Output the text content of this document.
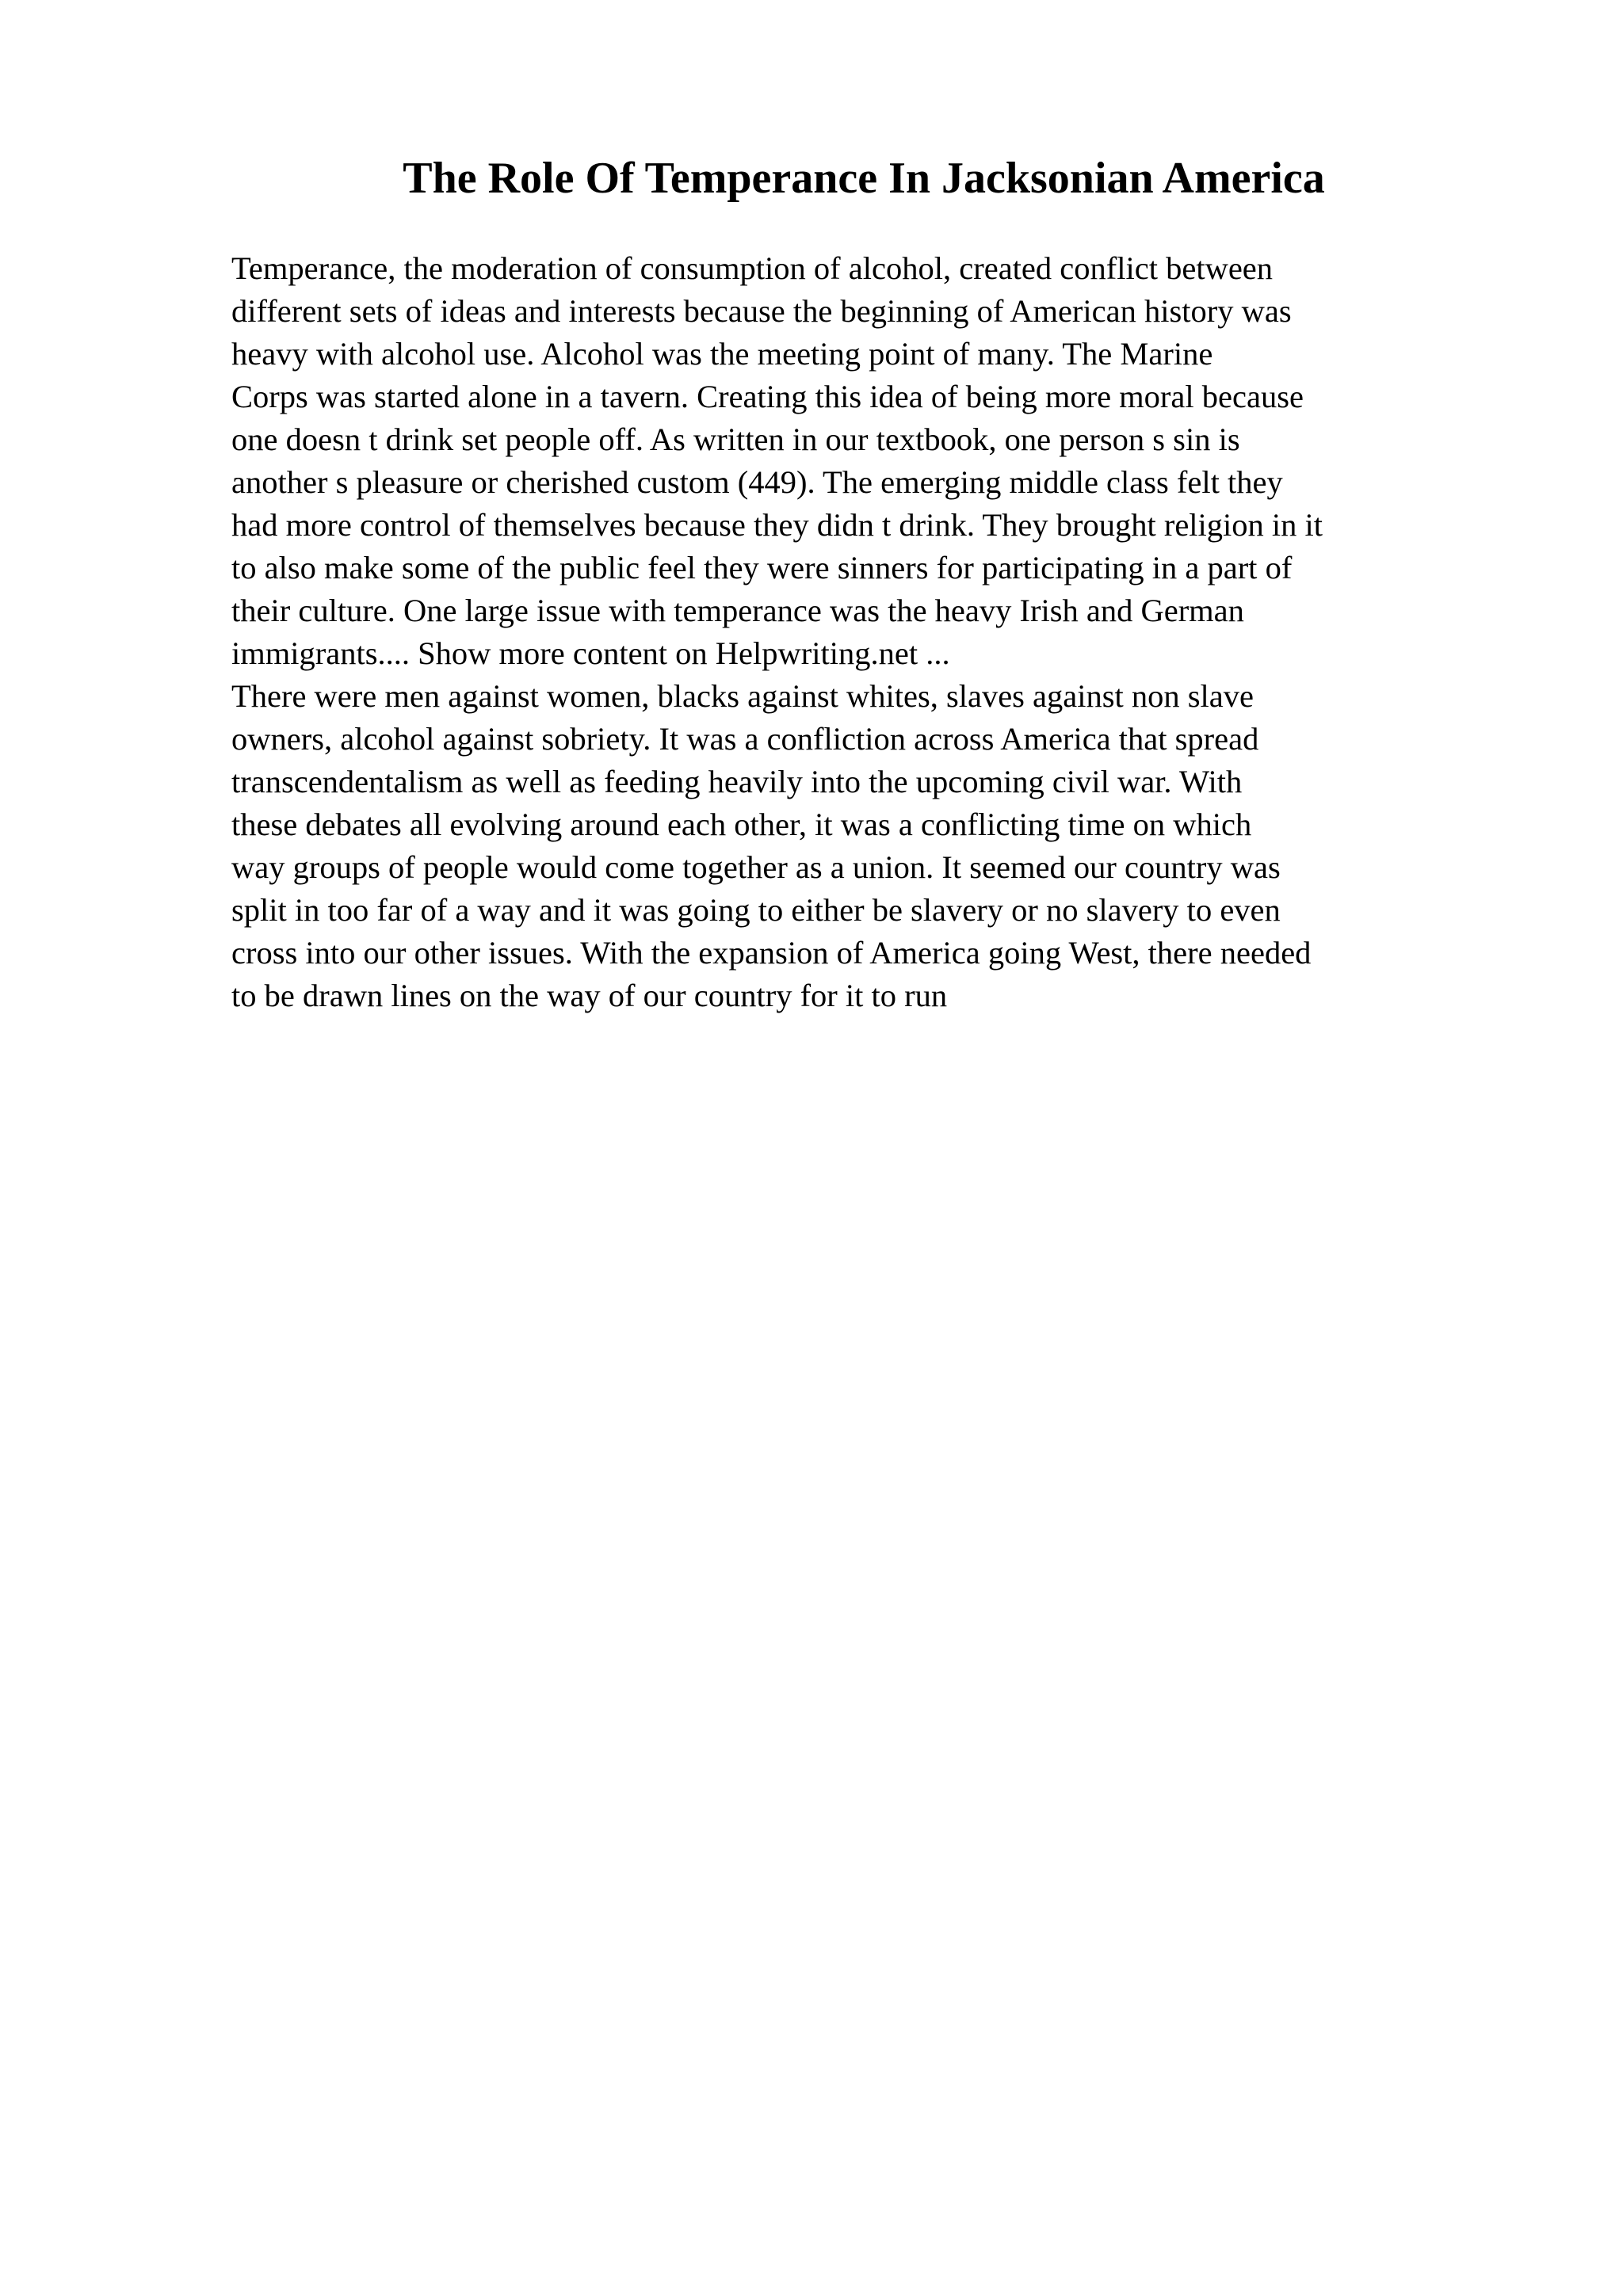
The Role Of Temperance In Jacksonian America
Temperance, the moderation of consumption of alcohol, created conflict between
different sets of ideas and interests because the beginning of American history was
heavy with alcohol use. Alcohol was the meeting point of many. The Marine
Corps was started alone in a tavern. Creating this idea of being more moral because
one doesn t drink set people off. As written in our textbook, one person s sin is
another s pleasure or cherished custom (449). The emerging middle class felt they
had more control of themselves because they didn t drink. They brought religion in it
to also make some of the public feel they were sinners for participating in a part of
their culture. One large issue with temperance was the heavy Irish and German
immigrants.... Show more content on Helpwriting.net ...
There were men against women, blacks against whites, slaves against non slave
owners, alcohol against sobriety. It was a confliction across America that spread
transcendentalism as well as feeding heavily into the upcoming civil war. With
these debates all evolving around each other, it was a conflicting time on which
way groups of people would come together as a union. It seemed our country was
split in too far of a way and it was going to either be slavery or no slavery to even
cross into our other issues. With the expansion of America going West, there needed
to be drawn lines on the way of our country for it to run
